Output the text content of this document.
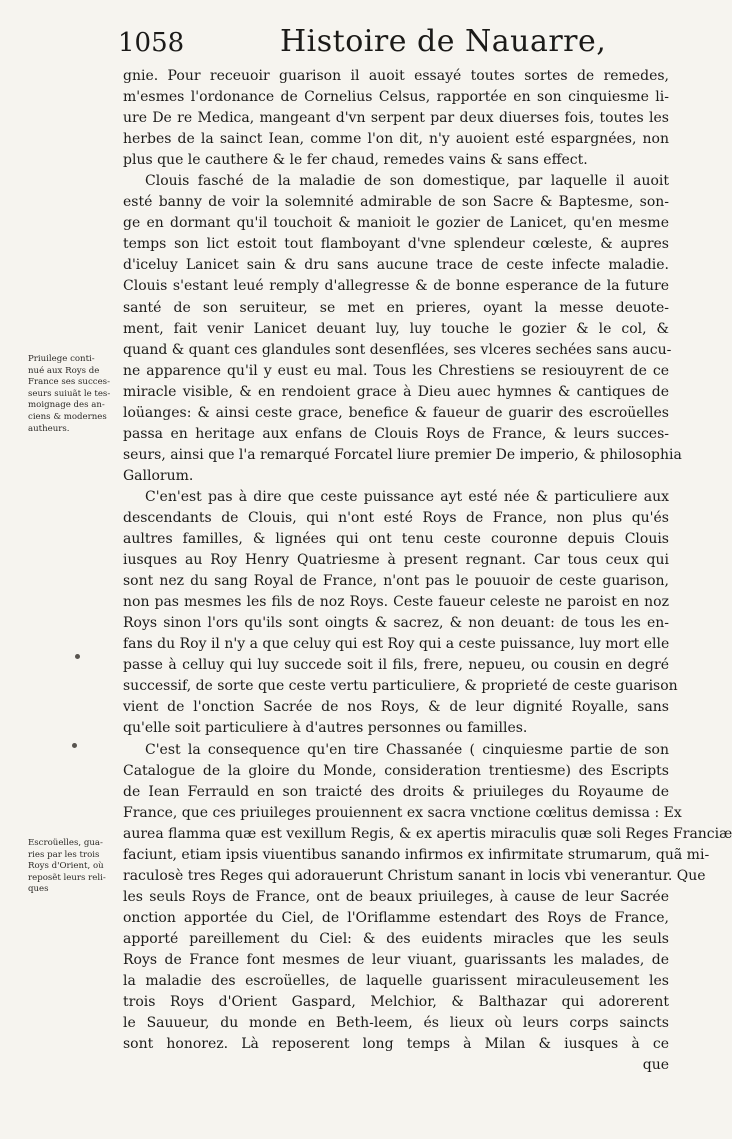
1058	Histoire de Nauarre,
gnie. Pour receuoir guarison il auoit essayé toutes sortes de remedes,
m'esmes l'ordonance de Cornelius Celsus, rapportée en son cinquiesme li-
ure De re Medica, mangeant d'vn serpent par deux diuerses fois, toutes les
herbes de la sainct Iean, comme l'on dit, n'y auoient esté espargnées, non
plus que le cauthere & le fer chaud, remedes vains & sans effect.
Clouis fasché de la maladie de son domestique, par laquelle il auoit
esté banny de voir la solemnité admirable de son Sacre & Baptesme, son-
ge en dormant qu'il touchoit & manioit le gozier de Lanicet, qu'en mesme
temps son lict estoit tout flamboyant d'vne splendeur cœleste, & aupres
d'iceluy Lanicet sain & dru sans aucune trace de ceste infecte maladie.
Clouis s'estant leué remply d'allegresse & de bonne esperance de la future
santé de son seruiteur, se met en prieres, oyant la messe deuote-
ment, fait venir Lanicet deuant luy, luy touche le gozier & le col, &
quand & quant ces glandules sont desenflées, ses vlceres sechées sans aucu-
ne apparence qu'il y eust eu mal. Tous les Chrestiens se resiouyrent de ce
miracle visible, & en rendoient grace à Dieu auec hymnes & cantiques de
loüanges: & ainsi ceste grace, benefice & faueur de guarir des escroüelles
passa en heritage aux enfans de Clouis Roys de France, & leurs succes-
seurs, ainsi que l'a remarqué Forcatel liure premier De imperio, & philosophia
Gallorum.
C'en'est pas à dire que ceste puissance ayt esté née & particuliere aux
descendants de Clouis, qui n'ont esté Roys de France, non plus qu'és
aultres familles, & lignées qui ont tenu ceste couronne depuis Clouis
iusques au Roy Henry Quatriesme à present regnant. Car tous ceux qui
sont nez du sang Royal de France, n'ont pas le pouuoir de ceste guarison,
non pas mesmes les fils de noz Roys. Ceste faueur celeste ne paroist en noz
Roys sinon l'ors qu'ils sont oingts & sacrez, & non deuant: de tous les en-
fans du Roy il n'y a que celuy qui est Roy qui a ceste puissance, luy mort elle
passe à celluy qui luy succede soit il fils, frere, nepueu, ou cousin en degré
successif, de sorte que ceste vertu particuliere, & proprieté de ceste guarison
vient de l'onction Sacrée de nos Roys, & de leur dignité Royalle, sans
qu'elle soit particuliere à d'autres personnes ou familles.
C'est la consequence qu'en tire Chassanée ( cinquiesme partie de son
Catalogue de la gloire du Monde, consideration trentiesme) des Escripts
de Iean Ferrauld en son traicté des droits & priuileges du Royaume de
France, que ces priuileges prouiennent ex sacra vnctione cœlitus demissa : Ex
aurea flamma quæ est vexillum Regis, & ex apertis miraculis quæ soli Reges Franciæ
faciunt, etiam ipsis viuentibus sanando infirmos ex infirmitate strumarum, quã mi-
raculosè tres Reges qui adorauerunt Christum sanant in locis vbi venerantur. Que
les seuls Roys de France, ont de beaux priuileges, à cause de leur Sacrée
onction apportée du Ciel, de l'Oriflamme estendart des Roys de France,
apporté pareillement du Ciel: & des euidents miracles que les seuls
Roys de France font mesmes de leur viuant, guarissants les malades, de
la maladie des escroüelles, de laquelle guarissent miraculeusement les
trois Roys d'Orient Gaspard, Melchior, & Balthazar qui adorerent
le Sauueur, du monde en Beth-leem, és lieux où leurs corps saincts
sont honorez. Là reposerent long temps à Milan & iusques à ce
que
Priuilege conti-
nué aux Roys de
France ses succes-
seurs suiuãt le tes-
moignage des an-
ciens & modernes
autheurs.
Escroüelles, gua-
ries par les trois
Roys d'Orient, où
reposẽt leurs reli-
ques
